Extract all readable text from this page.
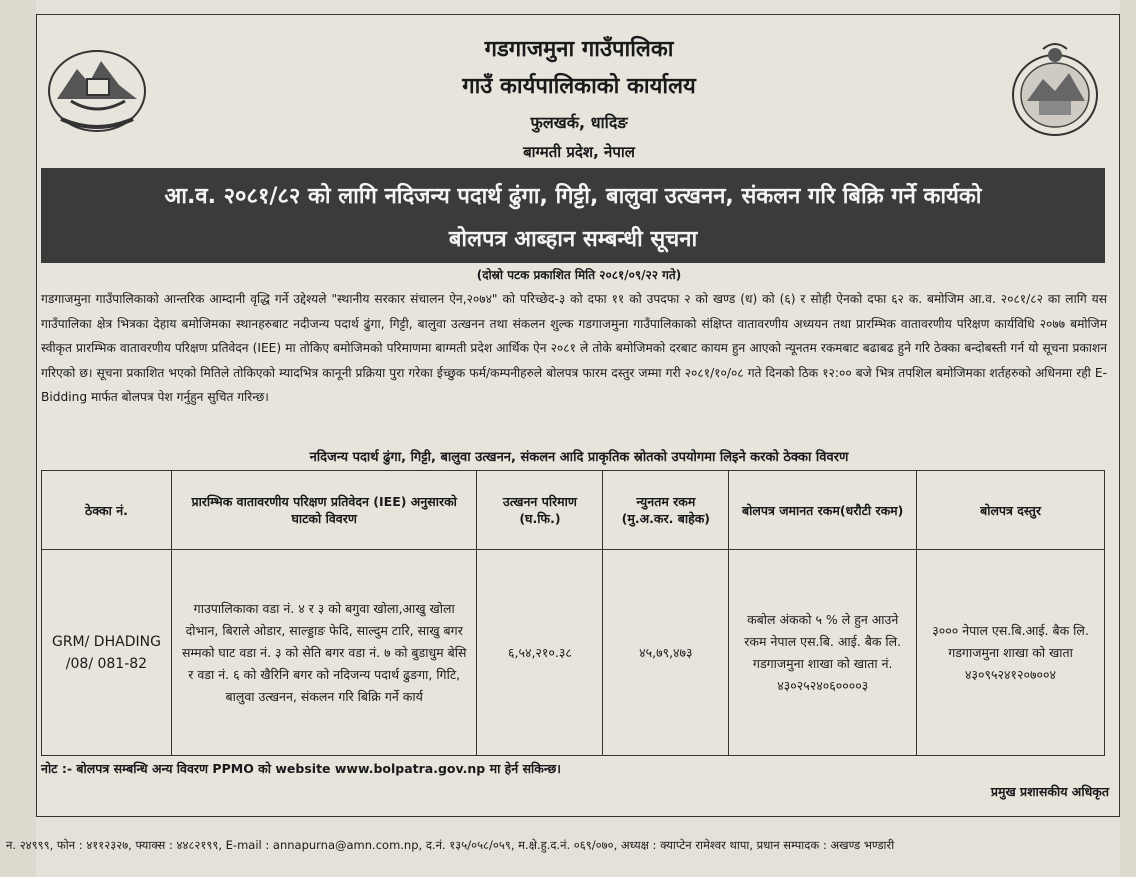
गडगाजमुना गाउँपालिका
गाउँ कार्यपालिकाको कार्यालय
फुलखर्क, धादिङ
बाग्मती प्रदेश, नेपाल
आ.व. २०८१/८२ को लागि नदिजन्य पदार्थ ढुंगा, गिट्टी, बालुवा उत्खनन, संकलन गरि बिक्रि गर्ने कार्यको
बोलपत्र आब्हान सम्बन्धी सूचना
(दोस्रो पटक प्रकाशित मिति २०८१/०९/२२ गते)
गडगाजमुना गाउँपालिकाको आन्तरिक आम्दानी वृद्धि गर्ने उद्देश्यले "स्थानीय सरकार संचालन ऐन,२०७४" को परिच्छेद-३ को दफा ११ को उपदफा २ को खण्ड (ध) को (६) र सोही ऐनको दफा ६२ क. बमोजिम आ.व. २०८१/८२ का लागि यस गाउँपालिका क्षेत्र भित्रका देहाय बमोजिमका स्थानहरुबाट नदीजन्य पदार्थ ढुंगा, गिट्टी, बालुवा उत्खनन तथा संकलन शुल्क गडगाजमुना गाउँपालिकाको संक्षिप्त वातावरणीय अध्ययन तथा प्रारम्भिक वातावरणीय परिक्षण कार्यविधि २०७७ बमोजिम स्वीकृत प्रारम्भिक वातावरणीय परिक्षण प्रतिवेदन (IEE) मा तोकिए बमोजिमको परिमाणमा बाग्मती प्रदेश आर्थिक ऐन २०८१ ले तोके बमोजिमको दरबाट कायम हुन आएको न्यूनतम रकमबाट बढाबढ हुने गरि ठेक्का बन्दोबस्ती गर्न यो सूचना प्रकाशन गरिएको छ। सूचना प्रकाशित भएको मितिले तोकिएको म्यादभित्र कानूनी प्रक्रिया पुरा गरेका ईच्छुक फर्म/कम्पनीहरुले बोलपत्र फारम दस्तुर जम्मा गरी २०८१/१०/०८ गते दिनको ठिक १२:०० बजे भित्र तपशिल बमोजिमका शर्तहरुको अधिनमा रही E-Bidding मार्फत बोलपत्र पेश गर्नुहुन सुचित गरिन्छ।
नदिजन्य पदार्थ ढुंगा, गिट्टी, बालुवा उत्खनन, संकलन आदि प्राकृतिक स्रोतको उपयोगमा लिइने करको ठेक्का विवरण
ठेक्का नं.	प्रारम्भिक वातावरणीय परिक्षण प्रतिवेदन (IEE) अनुसारको घाटको विवरण	उत्खनन परिमाण (घ.फि.)	न्युनतम रकम (मु.अ.कर. बाहेक)	बोलपत्र जमानत रकम(धरौटी रकम)	बोलपत्र दस्तुर
GRM/ DHADING /08/ 081-82	गाउपालिकाका वडा नं. ४ र ३ को बगुवा खोला,आखु खोला दोभान, बिराले ओडार, साल्ड्डाङ फेदि, साल्दुम टारि, साखु बगर सम्मको घाट वडा नं. ३ को सेति बगर वडा नं. ७ को बुडाधुम बेसि र वडा नं. ६ को खैरिनि बगर को नदिजन्य पदार्थ ढुङगा, गिटि, बालुवा उत्खनन, संकलन गरि बिक्रि गर्ने कार्य	६,५४,२१०.३८	४५,७९,४७३	कबोल अंकको ५ % ले हुन आउने रकम नेपाल एस.बि. आई. बैक लि. गडगाजमुना शाखा को खाता नं. ४३०२५२४०६००००३	३००० नेपाल एस.बि.आई. बैक लि. गडगाजमुना शाखा को खाता ४३०९५२४१२०७००४
नोट :- बोलपत्र सम्बन्धि अन्य विवरण PPMO को website www.bolpatra.gov.np मा हेर्न सकिन्छ।
प्रमुख प्रशासकीय अधिकृत
न. २४९९९, फोन : ४११२३२७, फ्याक्स : ४४८२१९९, E-mail : annapurna@amn.com.np, द.नं. १३५/०५८/०५९, म.क्षे.हु.द.नं. ०६९/०७०, अध्यक्ष : क्याप्टेन रामेश्वर थापा, प्रधान सम्पादक : अखण्ड भण्डारी
